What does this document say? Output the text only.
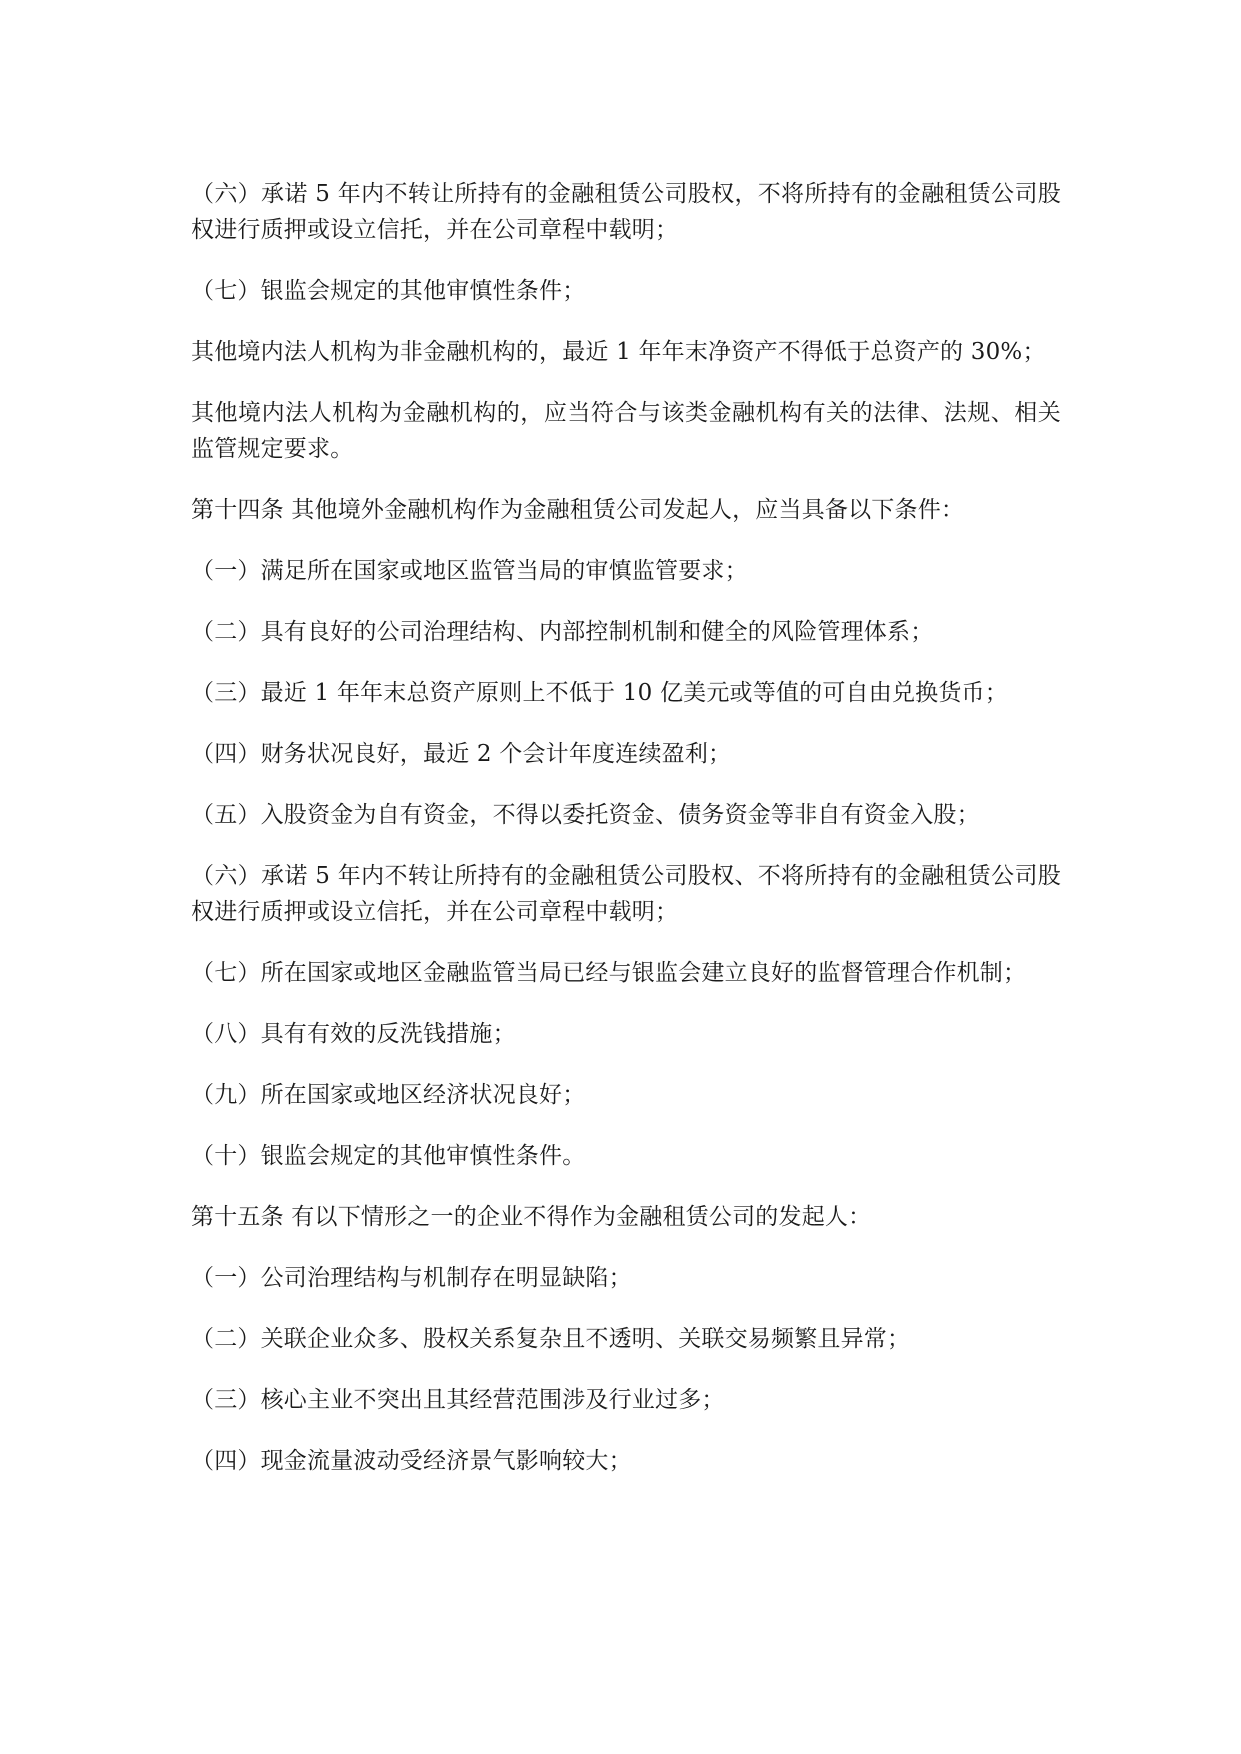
（六）承诺 5 年内不转让所持有的金融租赁公司股权，不将所持有的金融租赁公司股权进行质押或设立信托，并在公司章程中载明；

（七）银监会规定的其他审慎性条件；

其他境内法人机构为非金融机构的，最近 1 年年末净资产不得低于总资产的 30%；

其他境内法人机构为金融机构的，应当符合与该类金融机构有关的法律、法规、相关监管规定要求。

第十四条 其他境外金融机构作为金融租赁公司发起人，应当具备以下条件：

（一）满足所在国家或地区监管当局的审慎监管要求；

（二）具有良好的公司治理结构、内部控制机制和健全的风险管理体系；

（三）最近 1 年年末总资产原则上不低于 10 亿美元或等值的可自由兑换货币；

（四）财务状况良好，最近 2 个会计年度连续盈利；

（五）入股资金为自有资金，不得以委托资金、债务资金等非自有资金入股；

（六）承诺 5 年内不转让所持有的金融租赁公司股权、不将所持有的金融租赁公司股权进行质押或设立信托，并在公司章程中载明；

（七）所在国家或地区金融监管当局已经与银监会建立良好的监督管理合作机制；

（八）具有有效的反洗钱措施；

（九）所在国家或地区经济状况良好；

（十）银监会规定的其他审慎性条件。

第十五条 有以下情形之一的企业不得作为金融租赁公司的发起人：

（一）公司治理结构与机制存在明显缺陷；

（二）关联企业众多、股权关系复杂且不透明、关联交易频繁且异常；

（三）核心主业不突出且其经营范围涉及行业过多；

（四）现金流量波动受经济景气影响较大；
